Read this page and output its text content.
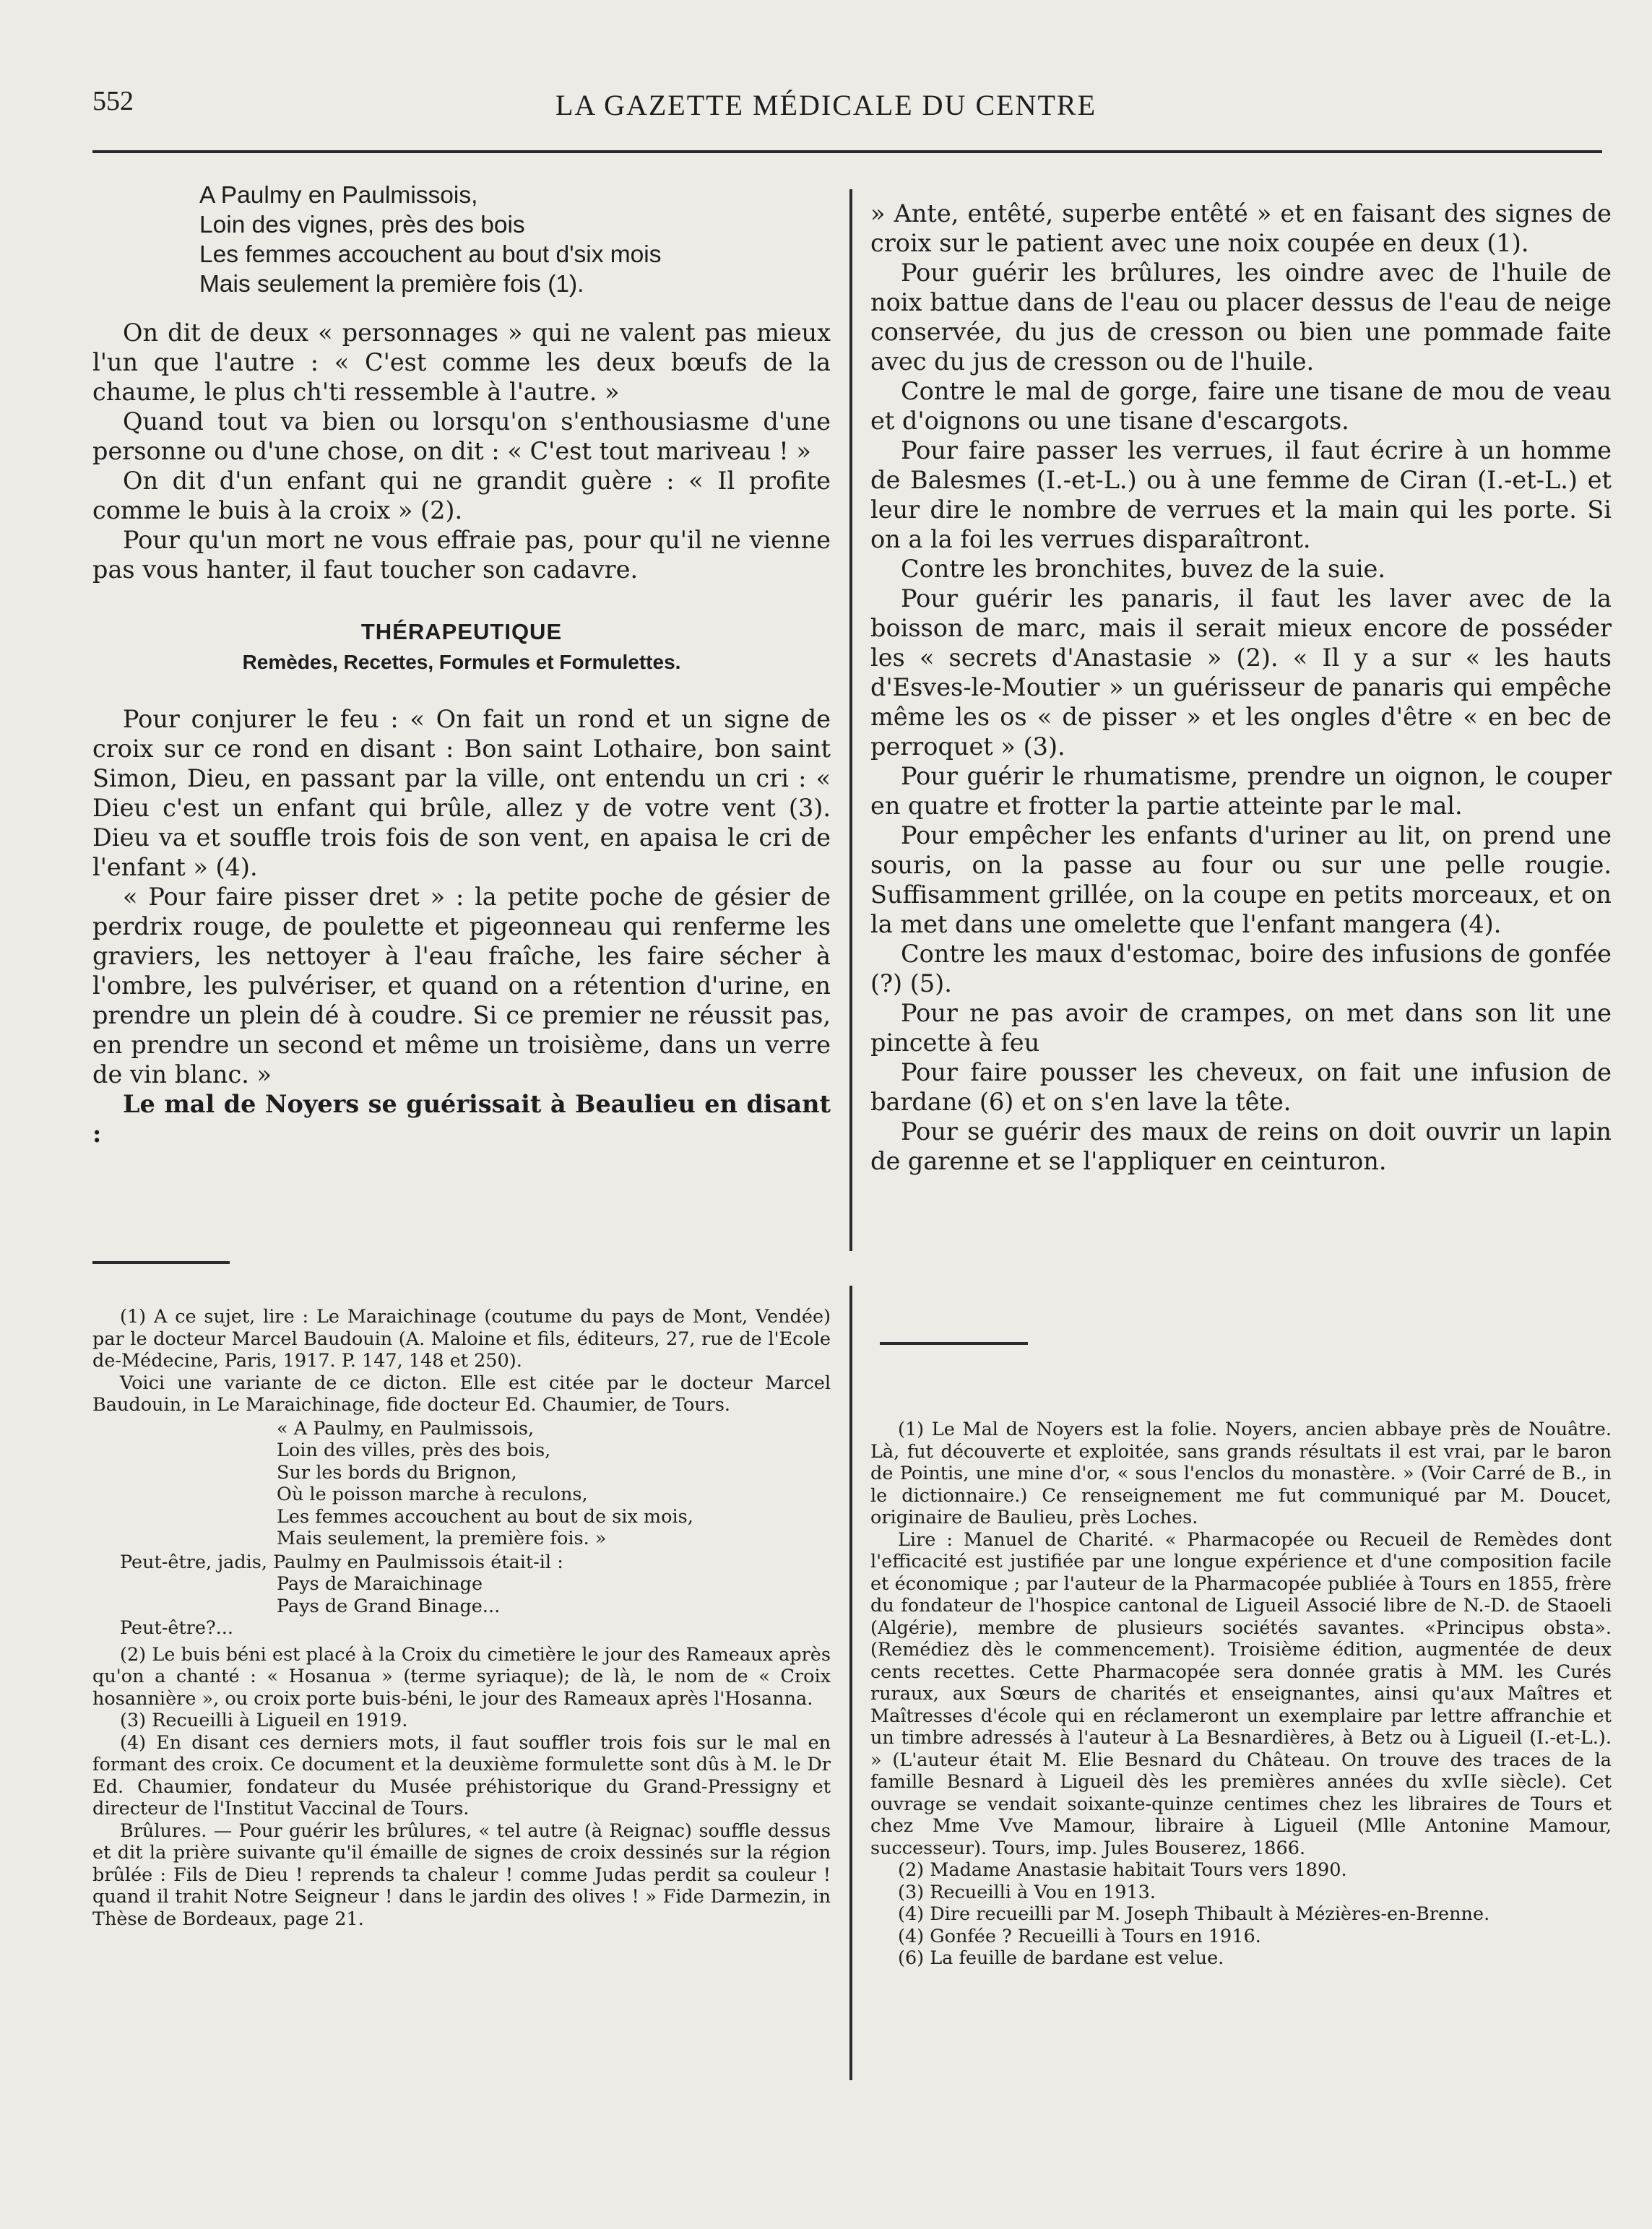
552	LA GAZETTE MÉDICALE DU CENTRE
A Paulmy en Paulmissois,
Loin des vignes, près des bois
Les femmes accouchent au bout d'six mois
Mais seulement la première fois (1).

On dit de deux « personnages » qui ne valent pas mieux l'un que l'autre : « C'est comme les deux bœufs de la chaume, le plus ch'ti ressemble à l'autre. »

Quand tout va bien ou lorsqu'on s'enthousiasme d'une personne ou d'une chose, on dit : « C'est tout mariveau ! »

On dit d'un enfant qui ne grandit guère : « Il profite comme le buis à la croix » (2).

Pour qu'un mort ne vous effraie pas, pour qu'il ne vienne pas vous hanter, il faut toucher son cadavre.

THÉRAPEUTIQUE
Remèdes, Recettes, Formules et Formulettes.

Pour conjurer le feu : « On fait un rond et un signe de croix sur ce rond en disant : Bon saint Lothaire, bon saint Simon, Dieu, en passant par la ville, ont entendu un cri : « Dieu c'est un enfant qui brûle, allez y de votre vent (3). Dieu va et souffle trois fois de son vent, en apaisa le cri de l'enfant » (4).

« Pour faire pisser dret » : la petite poche de gésier de perdrix rouge, de poulette et pigeonneau qui renferme les graviers, les nettoyer à l'eau fraîche, les faire sécher à l'ombre, les pulvériser, et quand on a rétention d'urine, en prendre un plein dé à coudre. Si ce premier ne réussit pas, en prendre un second et même un troisième, dans un verre de vin blanc. »

Le mal de Noyers se guérissait à Beaulieu en disant :

» Ante, entêté, superbe entêté » et en faisant des signes de croix sur le patient avec une noix coupée en deux (1).

Pour guérir les brûlures, les oindre avec de l'huile de noix battue dans de l'eau ou placer dessus de l'eau de neige conservée, du jus de cresson ou bien une pommade faite avec du jus de cresson ou de l'huile.

Contre le mal de gorge, faire une tisane de mou de veau et d'oignons ou une tisane d'escargots.

Pour faire passer les verrues, il faut écrire à un homme de Balesmes (I.-et-L.) ou à une femme de Ciran (I.-et-L.) et leur dire le nombre de verrues et la main qui les porte. Si on a la foi les verrues disparaîtront.

Contre les bronchites, buvez de la suie.

Pour guérir les panaris, il faut les laver avec de la boisson de marc, mais il serait mieux encore de posséder les « secrets d'Anastasie » (2). « Il y a sur « les hauts d'Esves-le-Moutier » un guérisseur de panaris qui empêche même les os « de pisser » et les ongles d'être « en bec de perroquet » (3).

Pour guérir le rhumatisme, prendre un oignon, le couper en quatre et frotter la partie atteinte par le mal.

Pour empêcher les enfants d'uriner au lit, on prend une souris, on la passe au four ou sur une pelle rougie. Suffisamment grillée, on la coupe en petits morceaux, et on la met dans une omelette que l'enfant mangera (4).

Contre les maux d'estomac, boire des infusions de gonfée (?) (5).

Pour ne pas avoir de crampes, on met dans son lit une pincette à feu

Pour faire pousser les cheveux, on fait une infusion de bardane (6) et on s'en lave la tête.

Pour se guérir des maux de reins on doit ouvrir un lapin de garenne et se l'appliquer en ceinturon.

(1) A ce sujet, lire : Le Maraichinage (coutume du pays de Mont, Vendée) par le docteur Marcel Baudouin (A. Maloine et fils, éditeurs, 27, rue de l'Ecole de-Médecine, Paris, 1917. P. 147, 148 et 250).

Voici une variante de ce dicton. Elle est citée par le docteur Marcel Baudouin, in Le Maraichinage, fide docteur Ed. Chaumier, de Tours.

« A Paulmy, en Paulmissois,
Loin des villes, près des bois,
Sur les bords du Brignon,
Où le poisson marche à reculons,
Les femmes accouchent au bout de six mois,
Mais seulement, la première fois. »

Peut-être, jadis, Paulmy en Paulmissois était-il :

Pays de Maraichinage
Pays de Grand Binage...

Peut-être?...

(2) Le buis béni est placé à la Croix du cimetière le jour des Rameaux après qu'on a chanté : « Hosanua » (terme syriaque); de là, le nom de « Croix hosannière », ou croix porte buis-béni, le jour des Rameaux après l'Hosanna.

(3) Recueilli à Ligueil en 1919.

(4) En disant ces derniers mots, il faut souffler trois fois sur le mal en formant des croix. Ce document et la deuxième formulette sont dûs à M. le Dr Ed. Chaumier, fondateur du Musée préhistorique du Grand-Pressigny et directeur de l'Institut Vaccinal de Tours.

Brûlures. — Pour guérir les brûlures, « tel autre (à Reignac) souffle dessus et dit la prière suivante qu'il émaille de signes de croix dessinés sur la région brûlée : Fils de Dieu ! reprends ta chaleur ! comme Judas perdit sa couleur ! quand il trahit Notre Seigneur ! dans le jardin des olives ! » Fide Darmezin, in Thèse de Bordeaux, page 21.

(1) Le Mal de Noyers est la folie. Noyers, ancien abbaye près de Nouâtre. Là, fut découverte et exploitée, sans grands résultats il est vrai, par le baron de Pointis, une mine d'or, « sous l'enclos du monastère. » (Voir Carré de B., in le dictionnaire.) Ce renseignement me fut communiqué par M. Doucet, originaire de Baulieu, près Loches.

Lire : Manuel de Charité. « Pharmacopée ou Recueil de Remèdes dont l'efficacité est justifiée par une longue expérience et d'une composition facile et économique ; par l'auteur de la Pharmacopée publiée à Tours en 1855, frère du fondateur de l'hospice cantonal de Ligueil Associé libre de N.-D. de Staoeli (Algérie), membre de plusieurs sociétés savantes. «Principus obsta». (Remédiez dès le commencement). Troisième édition, augmentée de deux cents recettes. Cette Pharmacopée sera donnée gratis à MM. les Curés ruraux, aux Sœurs de charités et enseignantes, ainsi qu'aux Maîtres et Maîtresses d'école qui en réclameront un exemplaire par lettre affranchie et un timbre adressés à l'auteur à La Besnardières, à Betz ou à Ligueil (I.-et-L.). » (L'auteur était M. Elie Besnard du Château. On trouve des traces de la famille Besnard à Ligueil dès les premières années du xvIIe siècle). Cet ouvrage se vendait soixante-quinze centimes chez les libraires de Tours et chez Mme Vve Mamour, libraire à Ligueil (Mlle Antonine Mamour, successeur). Tours, imp. Jules Bouserez, 1866.

(2) Madame Anastasie habitait Tours vers 1890.

(3) Recueilli à Vou en 1913.

(4) Dire recueilli par M. Joseph Thibault à Mézières-en-Brenne.

(4) Gonfée ? Recueilli à Tours en 1916.

(6) La feuille de bardane est velue.
